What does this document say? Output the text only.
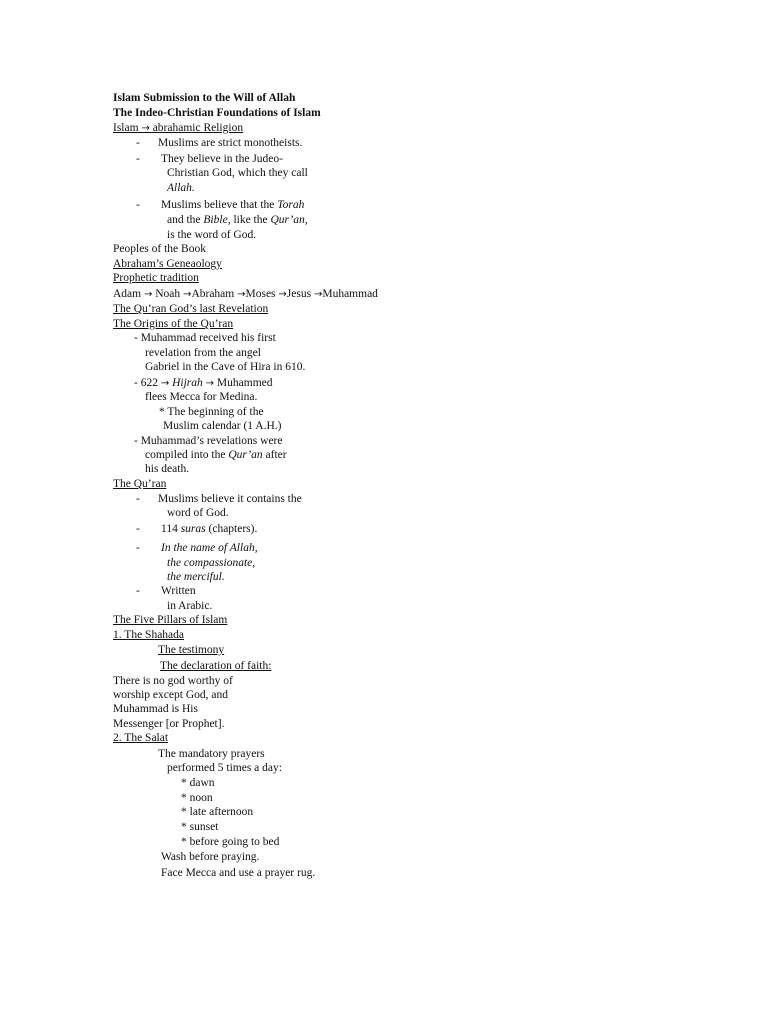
Islam Submission to the Will of Allah
The Indeo-Christian Foundations of Islam
Islam → abrahamic Religion
- Muslims are strict monotheists.
- They believe in the Judeo-
Christian God, which they call
Allah.
- Muslims believe that the Torah
and the Bible, like the Qur’an,
is the word of God.
Peoples of the Book
Abraham’s Geneaology
Prophetic tradition
Adam → Noah →Abraham →Moses →Jesus →Muhammad
The Qu’ran God’s last Revelation
The Origins of the Qu’ran
- Muhammad received his first
revelation from the angel
Gabriel in the Cave of Hira in 610.
- 622 → Hijrah → Muhammed
flees Mecca for Medina.
* The beginning of the
Muslim calendar (1 A.H.)
- Muhammad’s revelations were
compiled into the Qur’an after
his death.
The Qu’ran
- Muslims believe it contains the
word of God.
- 114 suras (chapters).
- In the name of Allah,
the compassionate,
the merciful.
- Written
in Arabic.
The Five Pillars of Islam
1. The Shahada
The testimony
The declaration of faith:
There is no god worthy of
worship except God, and
Muhammad is His
Messenger [or Prophet].
2. The Salat
The mandatory prayers
performed 5 times a day:
* dawn
* noon
* late afternoon
* sunset
* before going to bed
Wash before praying.
Face Mecca and use a prayer rug.
